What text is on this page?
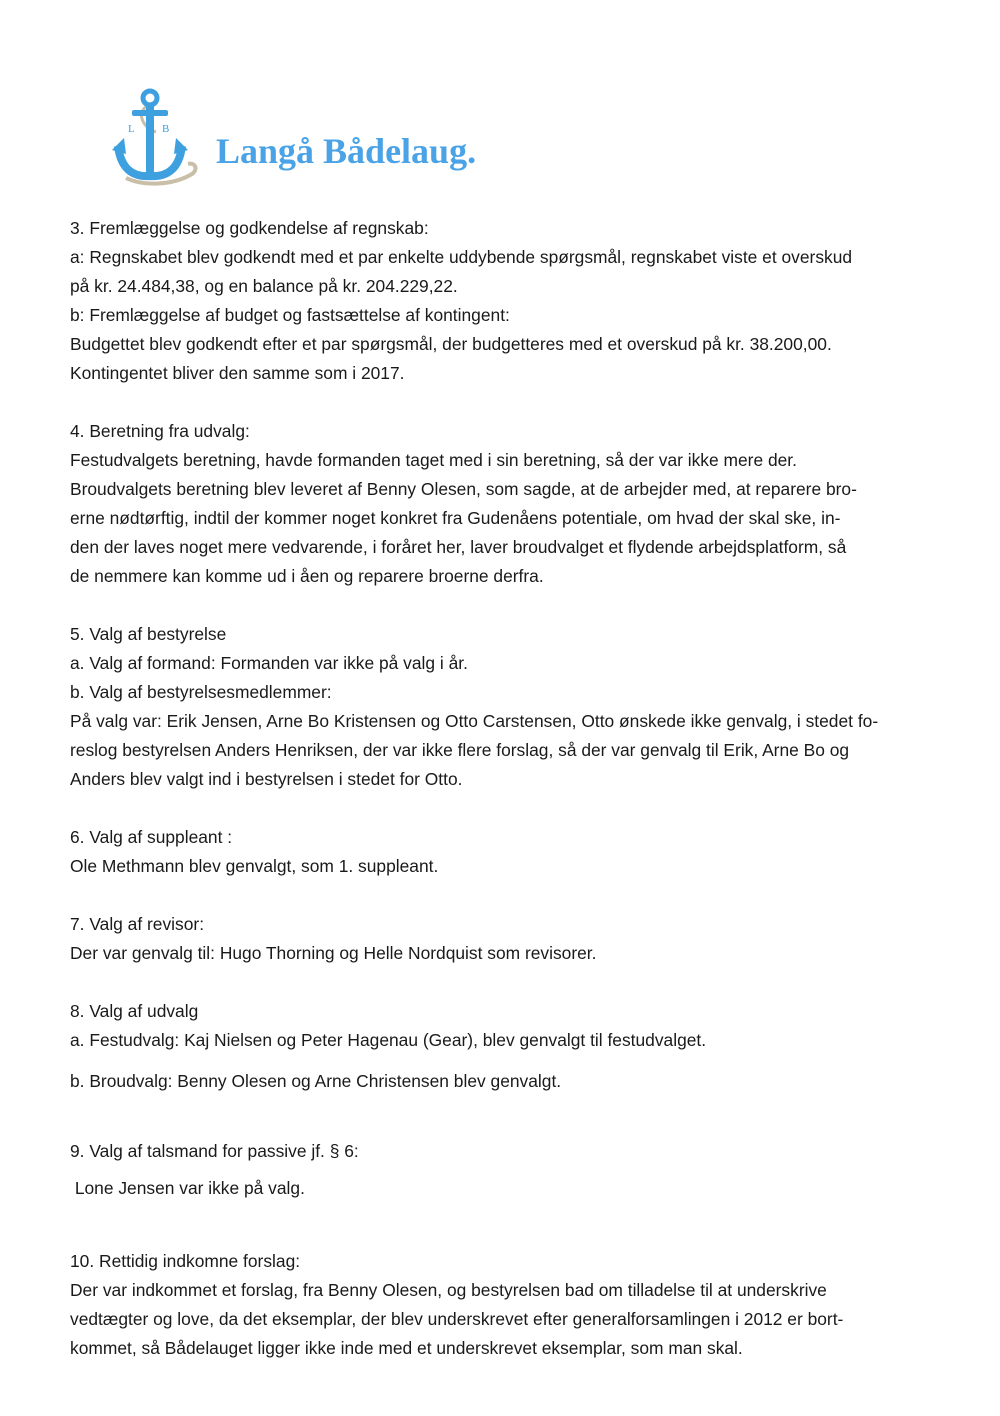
L B
Langå Bådelaug.
3. Fremlæggelse og godkendelse af regnskab:
a: Regnskabet blev godkendt med et par enkelte uddybende spørgsmål, regnskabet viste et overskud
på kr. 24.484,38, og en balance på kr. 204.229,22.
b: Fremlæggelse af budget og fastsættelse af kontingent:
Budgettet blev godkendt efter et par spørgsmål, der budgetteres med et overskud på kr. 38.200,00.
Kontingentet bliver den samme som i 2017.
4. Beretning fra udvalg:
Festudvalgets beretning, havde formanden taget med i sin beretning, så der var ikke mere der.
Broudvalgets beretning blev leveret af Benny Olesen, som sagde, at de arbejder med, at reparere bro-
erne nødtørftig, indtil der kommer noget konkret fra Gudenåens potentiale, om hvad der skal ske, in-
den der laves noget mere vedvarende, i foråret her, laver broudvalget et flydende arbejdsplatform, så
de nemmere kan komme ud i åen og reparere broerne derfra.
5. Valg af bestyrelse
a. Valg af formand: Formanden var ikke på valg i år.
b. Valg af bestyrelsesmedlemmer:
På valg var: Erik Jensen, Arne Bo Kristensen og Otto Carstensen, Otto ønskede ikke genvalg, i stedet fo-
reslog bestyrelsen Anders Henriksen, der var ikke flere forslag, så der var genvalg til Erik, Arne Bo og
Anders blev valgt ind i bestyrelsen i stedet for Otto.
6. Valg af suppleant :
Ole Methmann blev genvalgt, som 1. suppleant.
7. Valg af revisor:
Der var genvalg til: Hugo Thorning og Helle Nordquist som revisorer.
8. Valg af udvalg
a. Festudvalg: Kaj Nielsen og Peter Hagenau (Gear), blev genvalgt til festudvalget.
b. Broudvalg: Benny Olesen og Arne Christensen blev genvalgt.
9. Valg af talsmand for passive jf. § 6:
Lone Jensen var ikke på valg.
10. Rettidig indkomne forslag:
Der var indkommet et forslag, fra Benny Olesen, og bestyrelsen bad om tilladelse til at underskrive
vedtægter og love, da det eksemplar, der blev underskrevet efter generalforsamlingen i 2012 er bort-
kommet, så Bådelauget ligger ikke inde med et underskrevet eksemplar, som man skal.
